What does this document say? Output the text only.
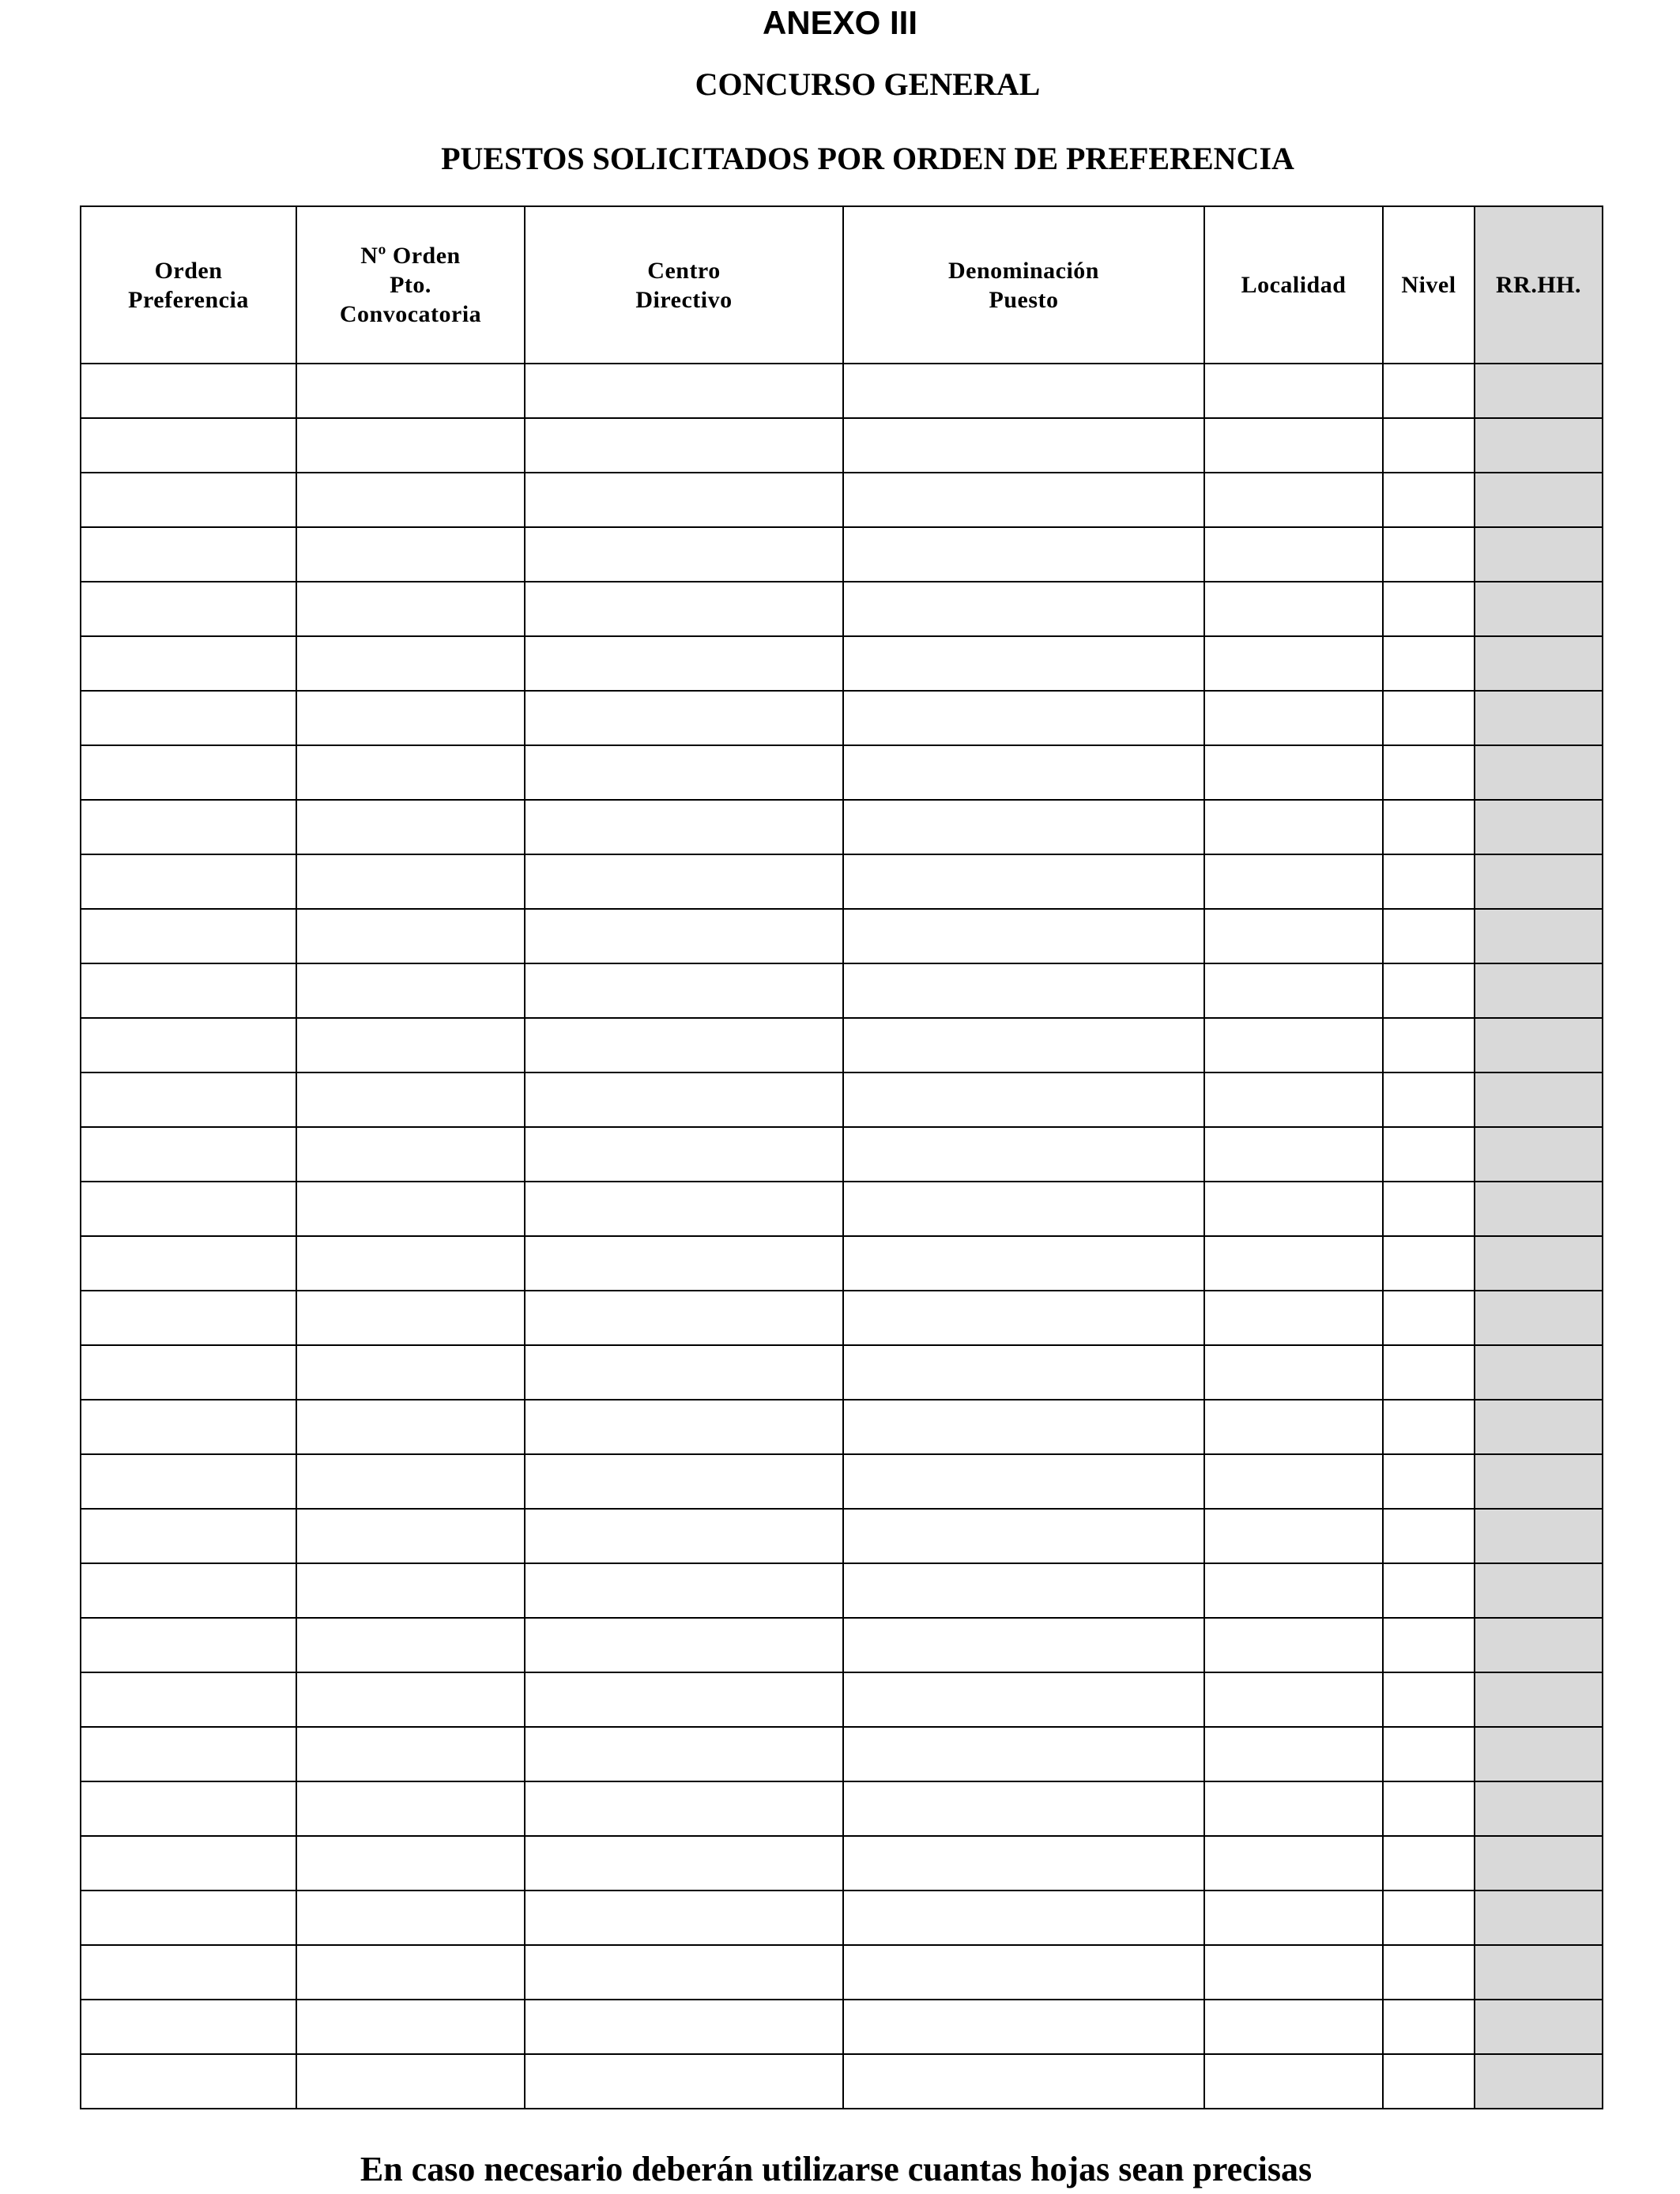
ANEXO III
CONCURSO GENERAL
PUESTOS SOLICITADOS POR ORDEN DE PREFERENCIA
Orden
Preferencia	Nº Orden
Pto.
Convocatoria	Centro
Directivo	Denominación
Puesto	Localidad	Nivel	RR.HH.

En caso necesario deberán utilizarse cuantas hojas sean precisas
